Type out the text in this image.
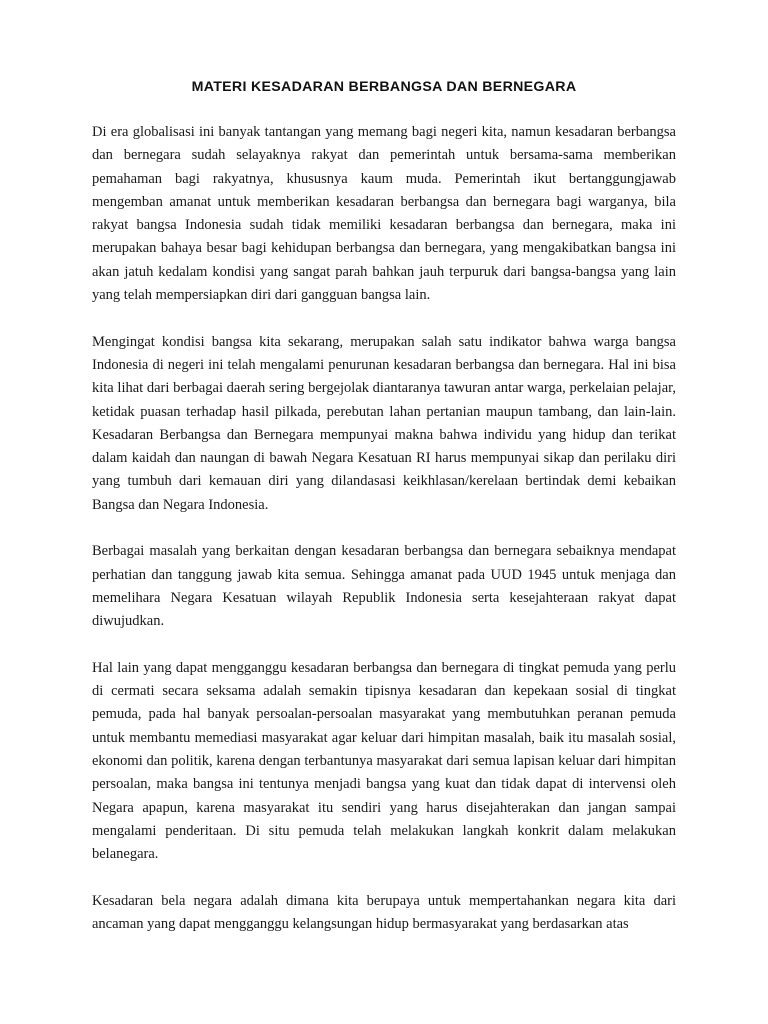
MATERI KESADARAN BERBANGSA DAN BERNEGARA

Di era globalisasi ini banyak tantangan yang memang bagi negeri kita, namun kesadaran berbangsa dan bernegara sudah selayaknya rakyat dan pemerintah untuk bersama-sama memberikan pemahaman bagi rakyatnya, khususnya kaum muda. Pemerintah ikut bertanggungjawab mengemban amanat untuk memberikan kesadaran berbangsa dan bernegara bagi warganya, bila rakyat bangsa Indonesia sudah tidak memiliki kesadaran berbangsa dan bernegara, maka ini merupakan bahaya besar bagi kehidupan berbangsa dan bernegara, yang mengakibatkan bangsa ini akan jatuh kedalam kondisi yang sangat parah bahkan jauh terpuruk dari bangsa-bangsa yang lain yang telah mempersiapkan diri dari gangguan bangsa lain.

Mengingat kondisi bangsa kita sekarang, merupakan salah satu indikator bahwa warga bangsa Indonesia di negeri ini telah mengalami penurunan kesadaran berbangsa dan bernegara. Hal ini bisa kita lihat dari berbagai daerah sering bergejolak diantaranya tawuran antar warga, perkelaian pelajar, ketidak puasan terhadap hasil pilkada, perebutan lahan pertanian maupun tambang, dan lain-lain. Kesadaran Berbangsa dan Bernegara mempunyai makna bahwa individu yang hidup dan terikat dalam kaidah dan naungan di bawah Negara Kesatuan RI harus mempunyai sikap dan perilaku diri yang tumbuh dari kemauan diri yang dilandasasi keikhlasan/kerelaan bertindak demi kebaikan Bangsa dan Negara Indonesia.

Berbagai masalah yang berkaitan dengan kesadaran berbangsa dan bernegara sebaiknya mendapat perhatian dan tanggung jawab kita semua. Sehingga amanat pada UUD 1945 untuk menjaga dan memelihara Negara Kesatuan wilayah Republik Indonesia serta kesejahteraan rakyat dapat diwujudkan.

Hal lain yang dapat mengganggu kesadaran berbangsa dan bernegara di tingkat pemuda yang perlu di cermati secara seksama adalah semakin tipisnya kesadaran dan kepekaan sosial di tingkat pemuda, pada hal banyak persoalan-persoalan masyarakat yang membutuhkan peranan pemuda untuk membantu memediasi masyarakat agar keluar dari himpitan masalah, baik itu masalah sosial, ekonomi dan politik, karena dengan terbantunya masyarakat dari semua lapisan keluar dari himpitan persoalan, maka bangsa ini tentunya menjadi bangsa yang kuat dan tidak dapat di intervensi oleh Negara apapun, karena masyarakat itu sendiri yang harus disejahterakan dan jangan sampai mengalami penderitaan. Di situ pemuda telah melakukan langkah konkrit dalam melakukan belanegara.

Kesadaran bela negara adalah dimana kita berupaya untuk mempertahankan negara kita dari ancaman yang dapat mengganggu kelangsungan hidup bermasyarakat yang berdasarkan atas
